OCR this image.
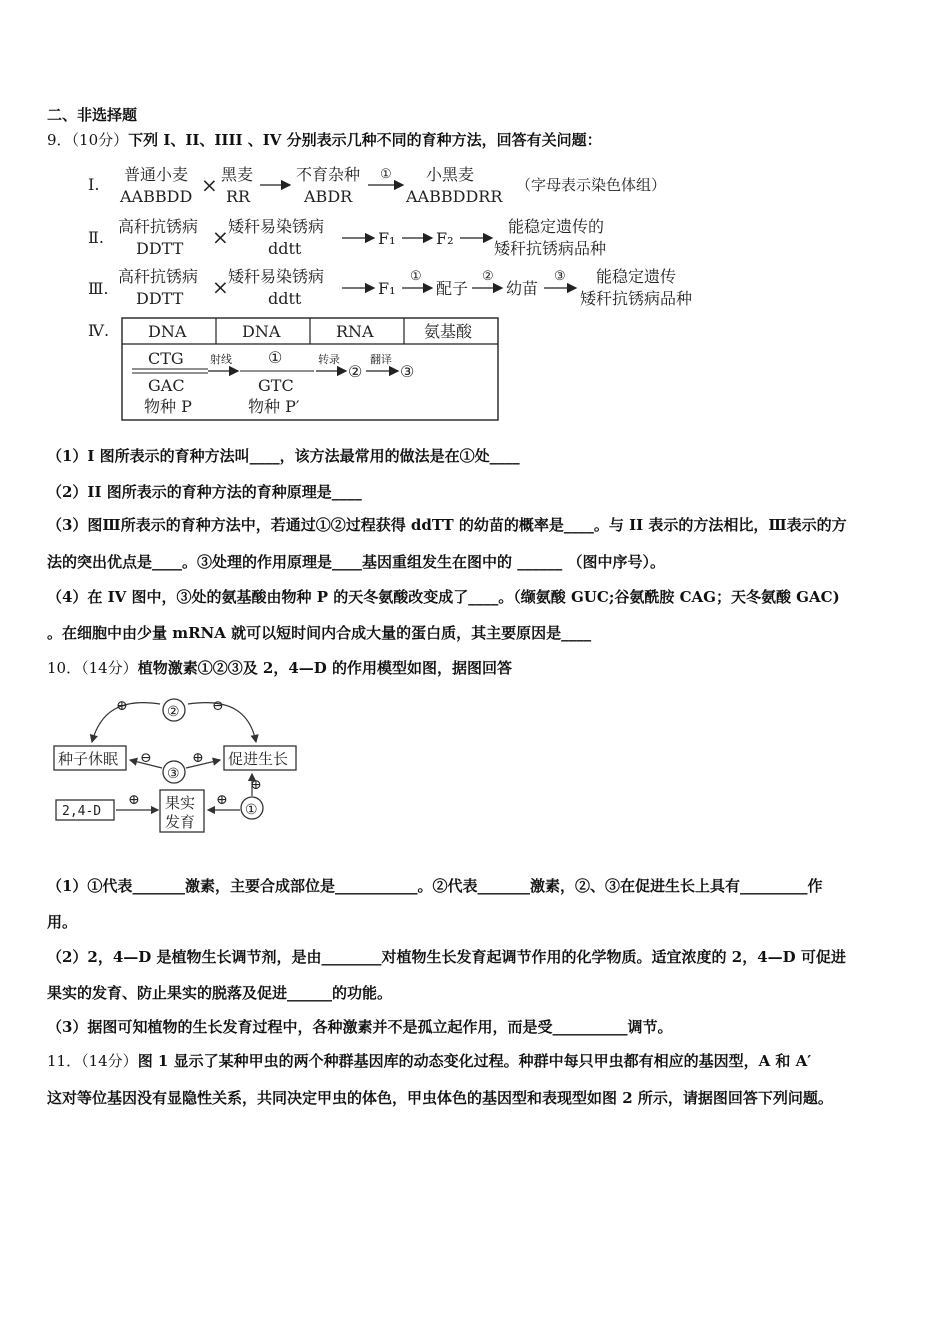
二、非选择题
9．（10分）下列 I、II、IIII 、IV 分别表示几种不同的育种方法，回答有关问题：
Ⅰ.
普通小麦
AABBDD × 黑麦
RR
不育杂种
ABDR
① 小黑麦
AABBDDRR
（字母表示染色体组）
Ⅱ.
高秆抗锈病
DDTT × 矮秆易染锈病
ddtt
F₁	F₂
能稳定遗传的
矮秆抗锈病品种
Ⅲ.
高秆抗锈病
DDTT × 矮秆易染锈病
ddtt
F₁
①
配子
②
幼苗
③ 能稳定遗传
矮秆抗锈病品种
Ⅳ. DNA	DNA	RNA	氨基酸
CTG
GAC
物种 P
射线 ①
GTC
物种 P′
转录
②
翻译
③
（1）I 图所表示的育种方法叫____，该方法最常用的做法是在①处____
（2）II 图所表示的育种方法的育种原理是____
（3）图Ⅲ所表示的育种方法中，若通过①②过程获得 ddTT 的幼苗的概率是____。与 II 表示的方法相比，Ⅲ表示的方
法的突出优点是____。③处理的作用原理是____基因重组发生在图中的 ______ （图中序号）。
（4）在 IV 图中，③处的氨基酸由物种 P 的天冬氨酸改变成了____。（缬氨酸 GUC;谷氨酰胺 CAG；天冬氨酸 GAC)
。在细胞中由少量 mRNA 就可以短时间内合成大量的蛋白质，其主要原因是____
10．（14分）植物激素①②③及 2，4—D 的作用模型如图，据图回答
②
⊕	⊖
种子休眠	促进生长
③
⊖	⊕
2,4-D
⊕ 果实
发育
①
⊕
⊕
（1）①代表_______激素，主要合成部位是___________。②代表_______激素，②、③在促进生长上具有_________作
用。
（2）2，4—D 是植物生长调节剂，是由________对植物生长发育起调节作用的化学物质。适宜浓度的 2，4—D 可促进
果实的发育、防止果实的脱落及促进______的功能。
（3）据图可知植物的生长发育过程中，各种激素并不是孤立起作用，而是受__________调节。
11．（14分）图 1 显示了某种甲虫的两个种群基因库的动态变化过程。种群中每只甲虫都有相应的基因型，A 和 A′
这对等位基因没有显隐性关系，共同决定甲虫的体色，甲虫体色的基因型和表现型如图 2 所示，请据图回答下列问题。
